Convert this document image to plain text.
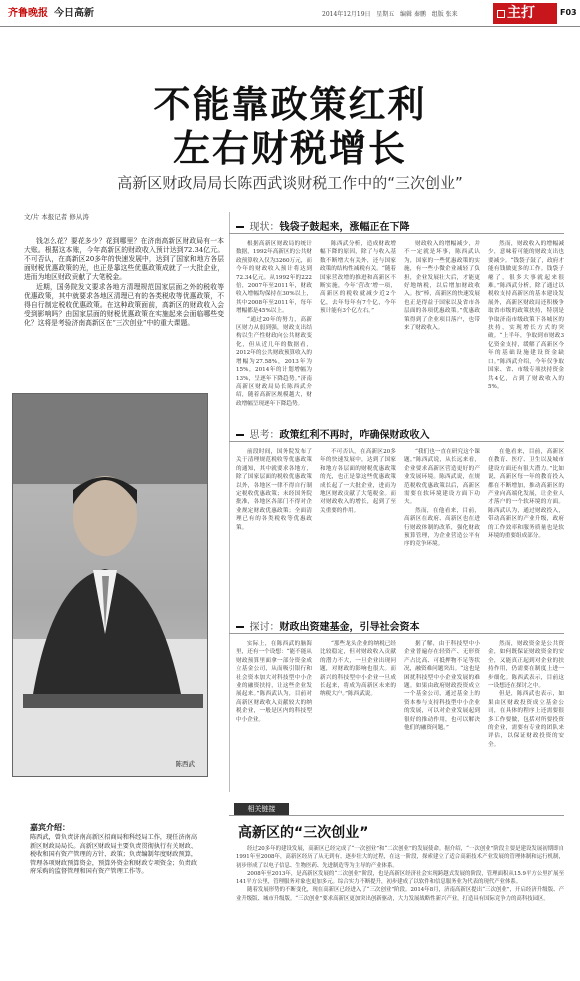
齐鲁晚报 今日高新	2014年12月19日 星期五 编辑 秦鹏 组版 张来	主打	F03
不能靠政策红利
左右财税增长
高新区财政局局长陈西武谈财税工作中的“三次创业”
文/片 本报记者 修从涛

钱怎么花？要花多少？花到哪里？在济南高新区财政局有一本大账。根据这本账，今年高新区的财政收入预计达到72.34亿元。不可否认，在高新区20多年的快速发展中，达到了国家和地方各层面财税优惠政策的光，也正是靠这些优惠政策成就了一大批企业，进而为地区财政贡献了大笔税金。

近期，国务院发文要求各地方清理规范国家层面之外的税收等优惠政策，其中就要求各地区清理已有的各类税收等优惠政策，不得自行制定税收优惠政策。在这种政策面前，高新区的财政收入会受到影响吗？由国家层面的财税优惠政策在实施起来会面临哪些变化？这将是考验济南高新区在“三次创业”中的重大课题。

陈西武
嘉宾介绍：
陈西武，曾负责济南高新区招商局和科经局工作，现任济南高新区财政局局长。高新区财政局主要负责贯彻执行有关财政、税收和国有资产管理的方针、政策；负责编制年度财政预算，管理各项财政预算资金，预算外资金和财政专项资金；负责政府采购的监督管理和国有资产管理工作等。
现状：钱袋子鼓起来，涨幅正在下降

根据高新区财政局的统计数据，1992年高新区的公共财政预算收入仅为3260万元，而今年的财政收入预计将达到72.34亿元。从1992年的222倍，2007年至2011年，财政收入增幅均保持在30%以上，其中2008年至2011年，每年增幅都是45%以上。

“通过20年的努力，高新区财力从弱到强，财政支出结构以生产性财政向公共财政变化，但从近几年的数据看，2012年的公共财政预算收入的增幅为27.58%，2013年为15%，2014年的计划增幅为13%，呈逐年下降趋势。”济南高新区财政局局长陈西武介绍，随着高新区规模越大，财政增幅呈现逐年下降趋势。

陈西武分析，造成财政增幅下降的原因，除了与收入基数不断增大有关外，还与国家政策的结构性减税有关。“随着国家营改增的推进和高新区不断实施，今年‘营改’增一项，高新区的税收就减少近2个亿，去年每年有7个亿，今年预计能有3个亿左右。”

财政收入的增幅减少，并不一定就是坏事，陈西武认为，国家的一些优惠政策的实施，有一些小微企业减轻了负担，企业发展壮大后，才能更好地纳税，以后增加财政收入。按“棒，高新区的快速发展也正是得益于国家以及省市各层面的各项优惠政策。”优惠政策得到了企业项目落户，也带来了财政收入。

然而，财政收入的增幅减少，意味着可能的财政支出也要减少。“钱袋子鼓了，政府才能有钱做更多的工作。钱袋子瘪了，很多大事就起来很难。”陈西武分析，除了通过以税收支持高新区的基本建设发展外，高新区财政局还积极争取省市级的政策扶持，特别是争取济南市级政策下各城区的扶持，实现增长方式的突破。“上半年，争取到市财政3亿资金支持，缓解了高新区今年的基础设施建设资金缺口。”陈西武介绍，今年仅争取国家、省、市级专项扶持资金共4亿，占到了财政收入的5%。

思考：政策红利不再时，咋确保财政收入

前段时间，国务院发布了关于清理规范税收等优惠政策的通知，其中就要求各地方，除了国家层面的税收优惠政策以外，各地区一律不得自行制定税收优惠政策；未经国务院批准，各地区各部门不得对企业规定财政优惠政策；全面清理已有的各类税收等优惠政策。

不可否认，在高新区20多年的快速发展中，达到了国家和地方各层面的财税优惠政策的光，也正是靠这些优惠政策成长起了一大批企业，进而为地区财政贡献了大笔税金。而对财政收入的增长，起到了至关重要的作用。

“我们也一直在研究这个课题。”陈西武说，从长远来看，企业要求高新区营造更好的产业发展环境。陈西武说，在规范税收优惠政策以后，高新区需要在软环境建设方面下功夫。

然而，在他看来，目前，高新区在政府、高新区也在进行财政体制的改革，强化财政预算管理，为企业营造公平有序的竞争环境。

在他看来，目前，高新区在教育、医疗、卫生以及城市建设方面还有很大潜力。”比如说，高新区每一年的教育投入都在不断增加，推动高新区的产业向高端化发展，让企业人才落户的一个软环境的方面。陈西武认为，通过财政投入，带动高新区的产业升级，政府的工作效率和服务质量也是软环境的重要组成部分。

探讨：财政出资建基金，引导社会资本

实际上，在陈西武的脑海里，还有一个设想：“能不能从财政预算里面拿一部分资金成立基金公司，从而吸引银行和社会资本加大对科技型中小企业的融资扶持，让这些企业发展起来。”陈西武认为，目前对高新区财政收入贡献较大的纳税企业，一般是区内的科技型中小企业。

“那些龙头企业的纳税已经比较稳定，但对财政收入贡献的潜力不大，一旦企业出现问题，对财政的影响也很大。而新兴的科技型中小企业一旦成长起来，将成为高新区未来的纳税大户。”陈西武说。

据了解，由于科技型中小企业普遍存在轻资产、无形资产占比高、可抵押物不足等状况，融资难问题突出。“这也是困扰科技型中小企业发展的难题。如果由政府财政投资成立一个基金公司，通过基金上的资本参与支持科技型中小企业的发展，可以对企业发展起到很好的推动作用，也可以解决他们的融资问题。”

然而，财政资金是公共资金，如何既保证财政资金的安全，又能真正起到对企业的扶持作用，仍需要在制度上进一步细化。陈西武表示，目前这一设想还在探讨之中。

但是，陈西武也表示，如果由区财政投资成立基金公司，在具体的程序上还需要很多工作要做，包括对所要投资的企业，需要有专业的团队来评估，以保证财政投资的安全。

相关链接
高新区的“三次创业”

经过20多年的建设发展，高新区已经完成了“一次创业”和“二次创业”的发展使命。据介绍，“一次创业”阶段主要是建设发展初期即自1991年至2008年，高新区经历了从无到有，逐步壮大的过程，在这一阶段，探索建立了适合高新技术产业发展的管理体制和运行机制，初步形成了以电子信息、生物医药、先进制造等为主导的产业体系。

2008年至2013年，是高新区发展的“二次创业”阶段，也是高新区经济社会实现跨越式发展的阶段，管理面积从15.9平方公里扩展至141平方公里，管理服务对象也更加多元。综合实力不断提升，初步建成了以软件和信息服务业为代表的现代产业体系。

随着发展形势的不断变化，现在高新区已经进入了“三次创业”阶段。2014年8月，济南高新区提出“三次创业”，开启经济升级版、产业升级版、城市升级版。“三次创业”要求高新区更加突出创新驱动，大力发展战略性新兴产业，打造具有国际竞争力的高科技园区。
